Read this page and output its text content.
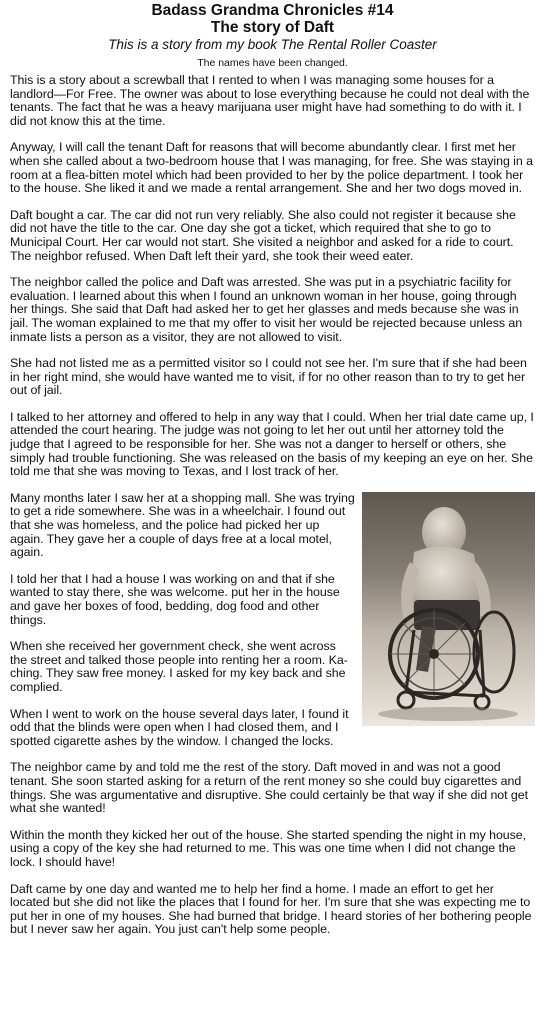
Badass Grandma Chronicles #14
The story of Daft

This is a story from my book The Rental Roller Coaster

The names have been changed.

This is a story about a screwball that I rented to when I was managing some houses for a landlord—For Free. The owner was about to lose everything because he could not deal with the tenants. The fact that he was a heavy marijuana user might have had something to do with it. I did not know this at the time.

Anyway, I will call the tenant Daft for reasons that will become abundantly clear. I first met her when she called about a two-bedroom house that I was managing, for free. She was staying in a room at a flea-bitten motel which had been provided to her by the police department. I took her to the house. She liked it and we made a rental arrangement. She and her two dogs moved in.

Daft bought a car. The car did not run very reliably. She also could not register it because she did not have the title to the car. One day she got a ticket, which required that she to go to Municipal Court. Her car would not start. She visited a neighbor and asked for a ride to court. The neighbor refused. When Daft left their yard, she took their weed eater.

The neighbor called the police and Daft was arrested. She was put in a psychiatric facility for evaluation. I learned about this when I found an unknown woman in her house, going through her things. She said that Daft had asked her to get her glasses and meds because she was in jail. The woman explained to me that my offer to visit her would be rejected because unless an inmate lists a person as a visitor, they are not allowed to visit.

She had not listed me as a permitted visitor so I could not see her. I'm sure that if she had been in her right mind, she would have wanted me to visit, if for no other reason than to try to get her out of jail.

I talked to her attorney and offered to help in any way that I could. When her trial date came up, I attended the court hearing. The judge was not going to let her out until her attorney told the judge that I agreed to be responsible for her. She was not a danger to herself or others, she simply had trouble functioning. She was released on the basis of my keeping an eye on her. She told me that she was moving to Texas, and I lost track of her.

Many months later I saw her at a shopping mall. She was trying to get a ride somewhere. She was in a wheelchair. I found out that she was homeless, and the police had picked her up again. They gave her a couple of days free at a local motel, again.

I told her that I had a house I was working on and that if she wanted to stay there, she was welcome. put her in the house and gave her boxes of food, bedding, dog food and other things.

When she received her government check, she went across the street and talked those people into renting her a room. Ka-ching. They saw free money. I asked for my key back and she complied.

When I went to work on the house several days later, I found it odd that the blinds were open when I had closed them, and I spotted cigarette ashes by the window. I changed the locks.

The neighbor came by and told me the rest of the story. Daft moved in and was not a good tenant. She soon started asking for a return of the rent money so she could buy cigarettes and things. She was argumentative and disruptive. She could certainly be that way if she did not get what she wanted!

Within the month they kicked her out of the house. She started spending the night in my house, using a copy of the key she had returned to me. This was one time when I did not change the lock. I should have!

Daft came by one day and wanted me to help her find a home. I made an effort to get her located but she did not like the places that I found for her. I'm sure that she was expecting me to put her in one of my houses. She had burned that bridge. I heard stories of her bothering people but I never saw her again. You just can't help some people.
